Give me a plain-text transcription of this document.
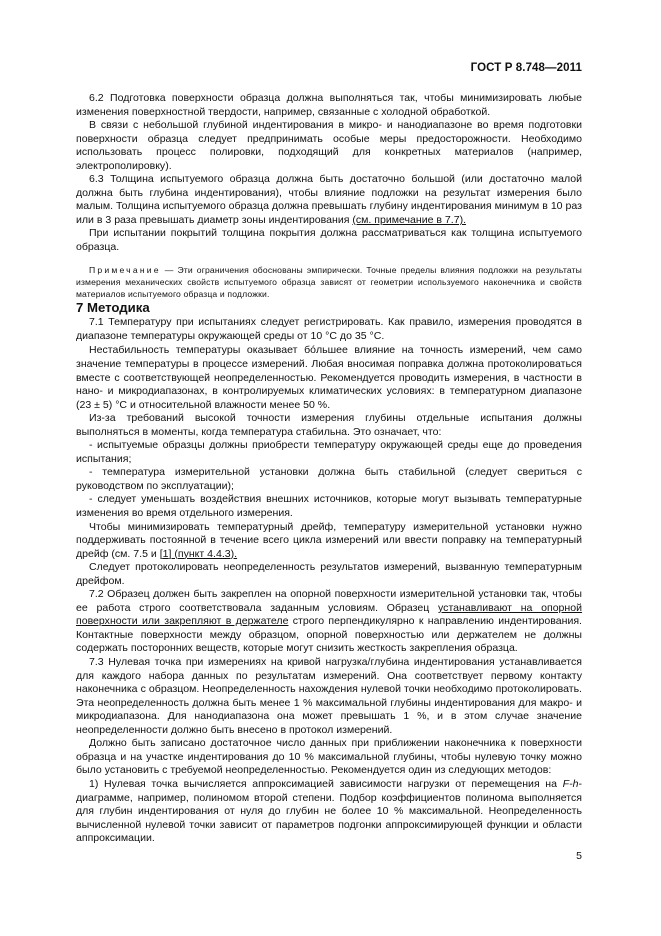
ГОСТ Р 8.748—2011

6.2 Подготовка поверхности образца должна выполняться так, чтобы минимизировать любые изменения поверхностной твердости, например, связанные с холодной обработкой.

В связи с небольшой глубиной индентирования в микро- и нанодиапазоне во время подготовки поверхности образца следует предпринимать особые меры предосторожности. Необходимо использовать процесс полировки, подходящий для конкретных материалов (например, электрополировку).

6.3 Толщина испытуемого образца должна быть достаточно большой (или достаточно малой должна быть глубина индентирования), чтобы влияние подложки на результат измерения было малым. Толщина испытуемого образца должна превышать глубину индентирования минимум в 10 раз или в 3 раза превышать диаметр зоны индентирования (см. примечание в 7.7).

При испытании покрытий толщина покрытия должна рассматриваться как толщина испытуемого образца.

Примечание — Эти ограничения обоснованы эмпирически. Точные пределы влияния подложки на результаты измерения механических свойств испытуемого образца зависят от геометрии используемого наконечника и свойств материалов испытуемого образца и подложки.

7 Методика

7.1 Температуру при испытаниях следует регистрировать. Как правило, измерения проводятся в диапазоне температуры окружающей среды от 10 °С до 35 °С.

Нестабильность температуры оказывает бóльшее влияние на точность измерений, чем само значение температуры в процессе измерений. Любая вносимая поправка должна протоколироваться вместе с соответствующей неопределенностью. Рекомендуется проводить измерения, в частности в нано- и микродиапазонах, в контролируемых климатических условиях: в температурном диапазоне (23 ± 5) °С и относительной влажности менее 50 %.

Из-за требований высокой точности измерения глубины отдельные испытания должны выполняться в моменты, когда температура стабильна. Это означает, что:

- испытуемые образцы должны приобрести температуру окружающей среды еще до проведения испытания;

- температура измерительной установки должна быть стабильной (следует свериться с руководством по эксплуатации);

- следует уменьшать воздействия внешних источников, которые могут вызывать температурные изменения во время отдельного измерения.

Чтобы минимизировать температурный дрейф, температуру измерительной установки нужно поддерживать постоянной в течение всего цикла измерений или ввести поправку на температурный дрейф (см. 7.5 и [1] (пункт 4.4.3).

Следует протоколировать неопределенность результатов измерений, вызванную температурным дрейфом.

7.2 Образец должен быть закреплен на опорной поверхности измерительной установки так, чтобы ее работа строго соответствовала заданным условиям. Образец устанавливают на опорной поверхности или закрепляют в держателе строго перпендикулярно к направлению индентирования. Контактные поверхности между образцом, опорной поверхностью или держателем не должны содержать посторонних веществ, которые могут снизить жесткость закрепления образца.

7.3 Нулевая точка при измерениях на кривой нагрузка/глубина индентирования устанавливается для каждого набора данных по результатам измерений. Она соответствует первому контакту наконечника с образцом. Неопределенность нахождения нулевой точки необходимо протоколировать. Эта неопределенность должна быть менее 1 % максимальной глубины индентирования для макро- и микродиапазона. Для нанодиапазона она может превышать 1 %, и в этом случае значение неопределенности должно быть внесено в протокол измерений.

Должно быть записано достаточное число данных при приближении наконечника к поверхности образца и на участке индентирования до 10 % максимальной глубины, чтобы нулевую точку можно было установить с требуемой неопределенностью. Рекомендуется один из следующих методов:

1) Нулевая точка вычисляется аппроксимацией зависимости нагрузки от перемещения на F-h-диаграмме, например, полиномом второй степени. Подбор коэффициентов полинома выполняется для глубин индентирования от нуля до глубин не более 10 % максимальной. Неопределенность вычисленной нулевой точки зависит от параметров подгонки аппроксимирующей функции и области аппроксимации.

5
